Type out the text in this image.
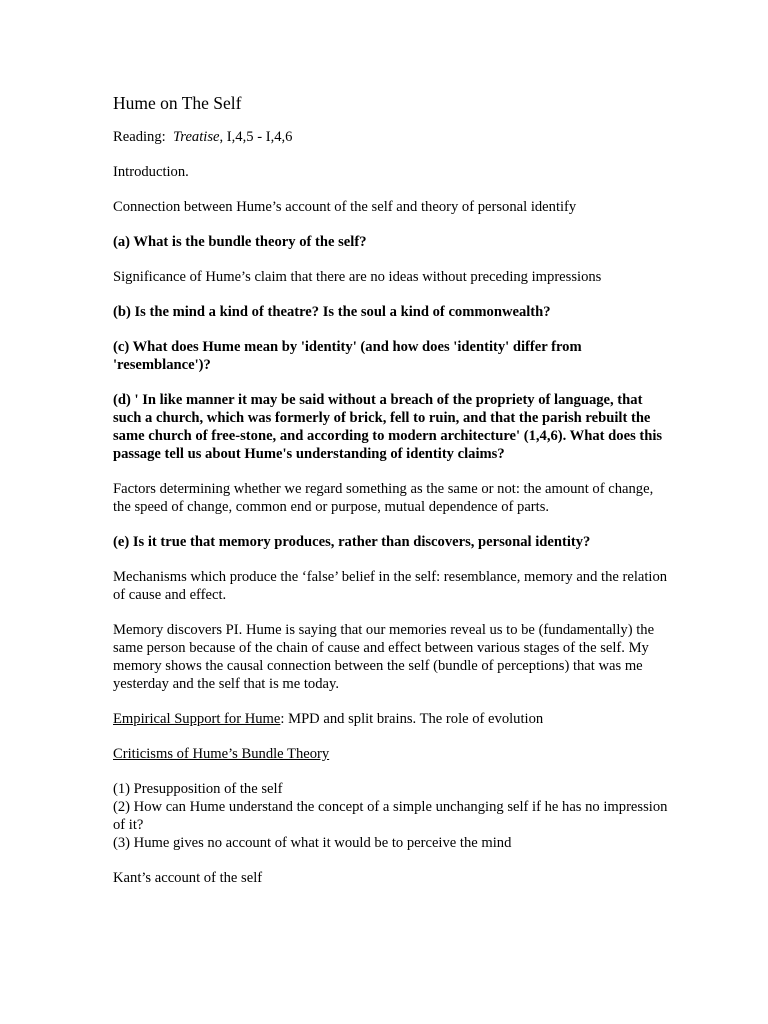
Hume on The Self

Reading:  Treatise, I,4,5 - I,4,6

Introduction.

Connection between Hume’s account of the self and theory of personal identify

(a) What is the bundle theory of the self?

Significance of Hume’s claim that there are no ideas without preceding impressions

(b) Is the mind a kind of theatre? Is the soul a kind of commonwealth?

(c) What does Hume mean by 'identity' (and how does 'identity' differ from 'resemblance')?

(d) ' In like manner it may be said without a breach of the propriety of language, that such a church, which was formerly of brick, fell to ruin, and that the parish rebuilt the same church of free-stone, and according to modern architecture' (1,4,6). What does this passage tell us about Hume's understanding of identity claims?

Factors determining whether we regard something as the same or not: the amount of change, the speed of change, common end or purpose, mutual dependence of parts.

(e) Is it true that memory produces, rather than discovers, personal identity?

Mechanisms which produce the ‘false’ belief in the self: resemblance, memory and the relation of cause and effect.

Memory discovers PI. Hume is saying that our memories reveal us to be (fundamentally) the same person because of the chain of cause and effect between various stages of the self. My memory shows the causal connection between the self (bundle of perceptions) that was me yesterday and the self that is me today.

Empirical Support for Hume: MPD and split brains. The role of evolution

Criticisms of Hume’s Bundle Theory

(1) Presupposition of the self
(2) How can Hume understand the concept of a simple unchanging self if he has no impression of it?
(3) Hume gives no account of what it would be to perceive the mind

Kant’s account of the self
